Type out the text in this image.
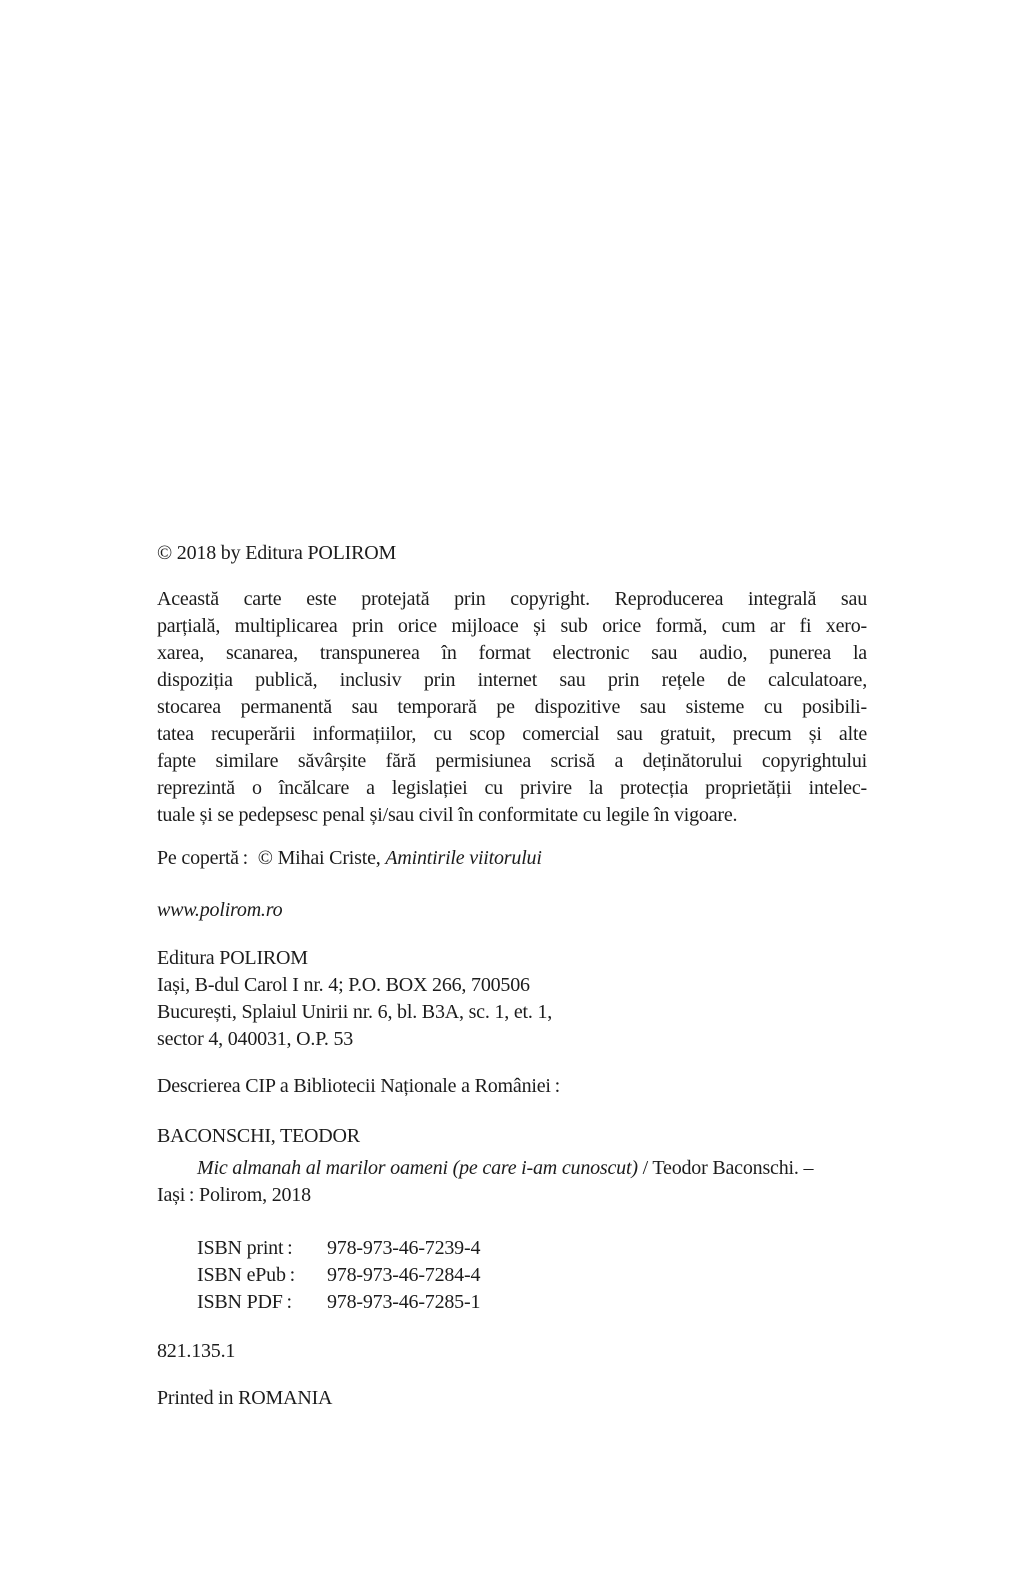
© 2018 by Editura POLIROM
Această carte este protejată prin copyright. Reproducerea integrală sau
parțială, multiplicarea prin orice mijloace și sub orice formă, cum ar fi xero-
xarea, scanarea, transpunerea în format electronic sau audio, punerea la
dispoziția publică, inclusiv prin internet sau prin rețele de calculatoare,
stocarea permanentă sau temporară pe dispozitive sau sisteme cu posibili-
tatea recuperării informațiilor, cu scop comercial sau gratuit, precum și alte
fapte similare săvârșite fără permisiunea scrisă a deținătorului copyrightului
reprezintă o încălcare a legislației cu privire la protecția proprietății intelec-
tuale și se pedepsesc penal și/sau civil în conformitate cu legile în vigoare.
Pe copertă : © Mihai Criste, Amintirile viitorului
www.polirom.ro
Editura POLIROM
Iași, B-dul Carol I nr. 4; P.O. BOX 266, 700506
București, Splaiul Unirii nr. 6, bl. B3A, sc. 1, et. 1,
sector 4, 040031, O.P. 53
Descrierea CIP a Bibliotecii Naționale a României :
BACONSCHI, TEODOR
Mic almanah al marilor oameni (pe care i-am cunoscut) / Teodor Baconschi. –
Iași : Polirom, 2018
ISBN print :	978-973-46-7239-4
ISBN ePub :	978-973-46-7284-4
ISBN PDF :	978-973-46-7285-1
821.135.1
Printed in ROMANIA
